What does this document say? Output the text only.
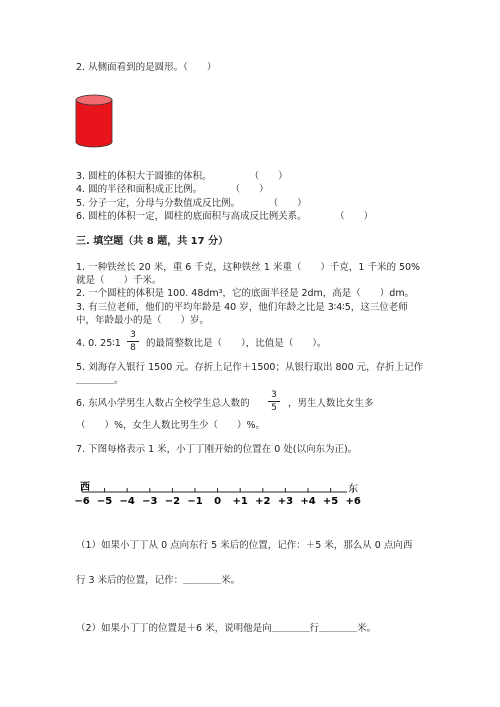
2. 从侧面看到的是圆形。（　　）
3. 圆柱的体积大于圆锥的体积。　　　　　（　　）
4. 圆的半径和面积成正比例。　　　　（　　）
5. 分子一定，分母与分数值成反比例。　　　　（　　）
6. 圆柱的体积一定，圆柱的底面积与高成反比例关系。　　　　（　　）
三. 填空题（共 8 题，共 17 分）
1. 一种铁丝长 20 米，重 6 千克，这种铁丝 1 米重（　　）千克，1 千米的 50%
就是（　　）千米。
2. 一个圆柱的体积是 100. 48dm³，它的底面半径是 2dm，高是（　　）dm。
3. 有三位老师，他们的平均年龄是 40 岁，他们年龄之比是 3∶4∶5，这三位老师
中，年龄最小的是（　　）岁。
4. 0. 25∶1
3
8	的最简整数比是（　　），比值是（　　）。
5. 刘海存入银行 1500 元。存折上记作＋1500；从银行取出 800 元，存折上记作
＿＿＿＿。
6. 东风小学男生人数占全校学生总人数的
3
5	，男生人数比女生多
（　　）%，女生人数比男生少（　　）%。
7. 下图每格表示 1 米，小丁丁刚开始的位置在 0 处(以向东为正)。
−6 −5 −4 −3 −2 −1 0 +1 +2 +3 +4 +5 +6
西	东
（1）如果小丁丁从 0 点向东行 5 米后的位置，记作：＋5 米，那么从 0 点向西
行 3 米后的位置，记作：＿＿＿＿米。
（2）如果小丁丁的位置是＋6 米，说明他是向＿＿＿＿行＿＿＿＿米。
